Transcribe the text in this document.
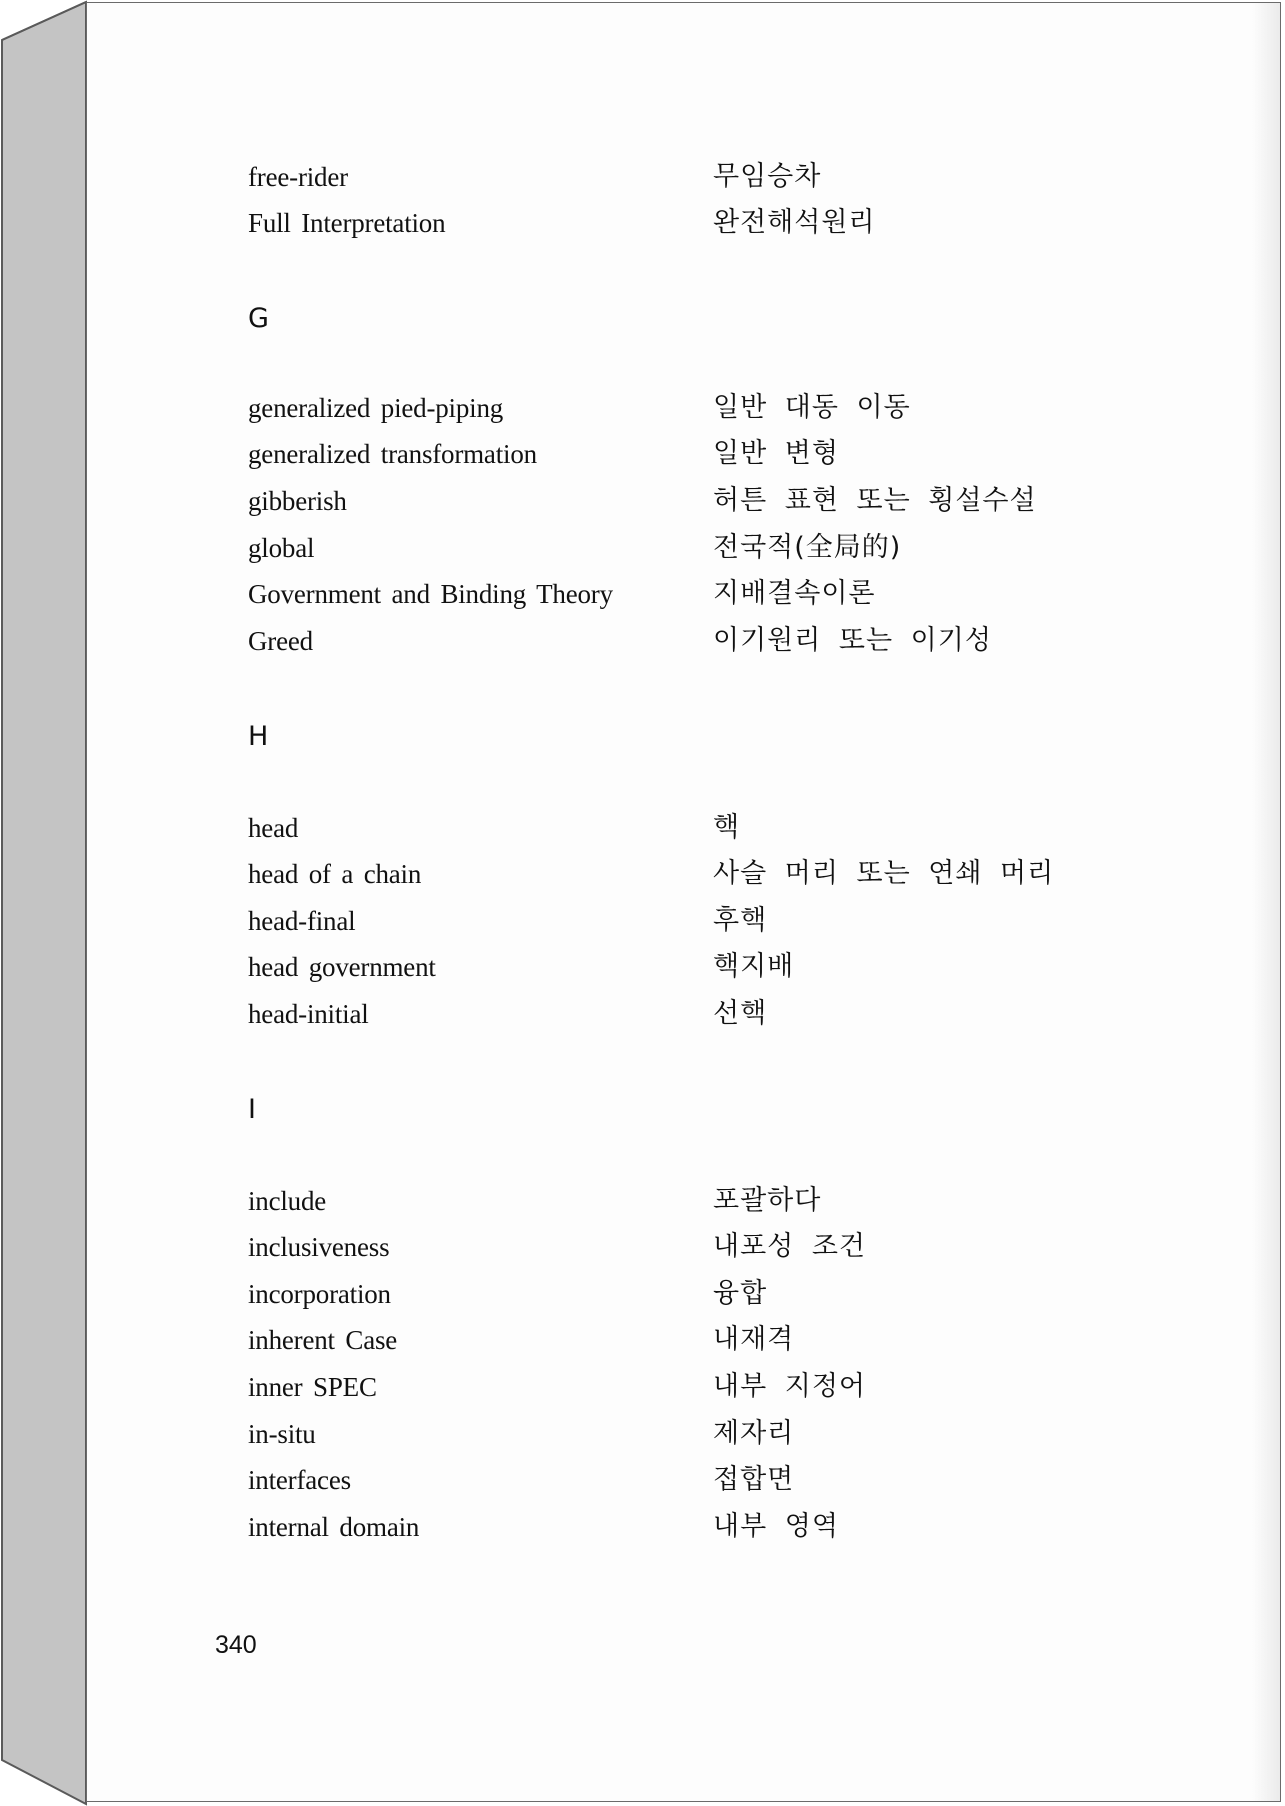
free-rider	무임승차
Full Interpretation	완전해석원리
G
generalized pied-piping	일반 대동 이동
generalized transformation	일반 변형
gibberish	허튼 표현 또는 횡설수설
global	전국적(全局的)
Government and Binding Theory	지배결속이론
Greed	이기원리 또는 이기성
H
head	핵
head of a chain	사슬 머리 또는 연쇄 머리
head-final	후핵
head government	핵지배
head-initial	선핵
I
include	포괄하다
inclusiveness	내포성 조건
incorporation	융합
inherent Case	내재격
inner SPEC	내부 지정어
in-situ	제자리
interfaces	접합면
internal domain	내부 영역
340
